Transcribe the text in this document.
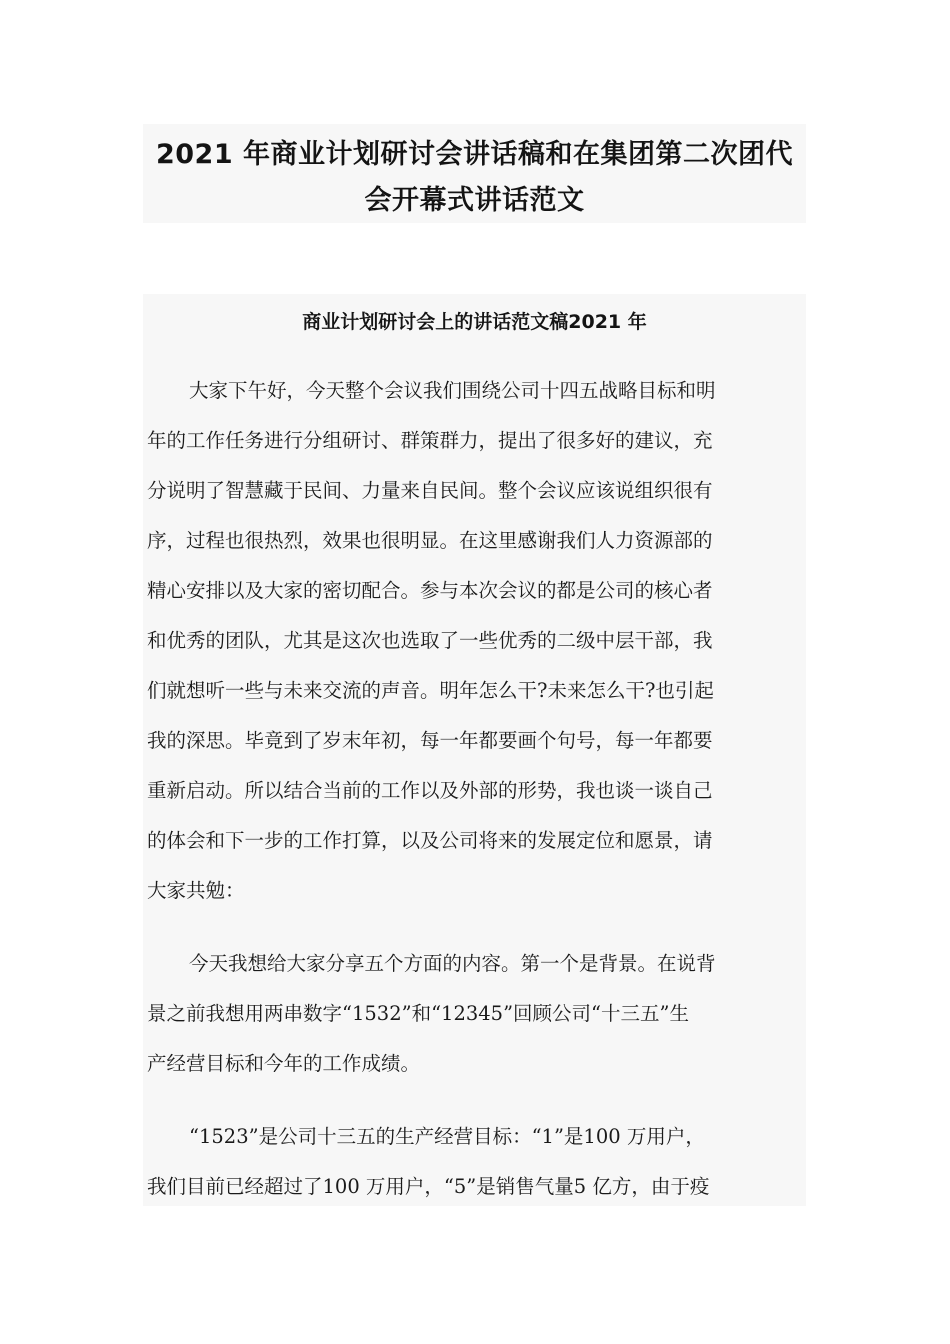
2021 年商业计划研讨会讲话稿和在集团第二次团代
会开幕式讲话范文
商业计划研讨会上的讲话范文稿2021 年
大家下午好，今天整个会议我们围绕公司十四五战略目标和明
年的工作任务进行分组研讨、群策群力，提出了很多好的建议，充
分说明了智慧藏于民间、力量来自民间。整个会议应该说组织很有
序，过程也很热烈，效果也很明显。在这里感谢我们人力资源部的
精心安排以及大家的密切配合。参与本次会议的都是公司的核心者
和优秀的团队，尤其是这次也选取了一些优秀的二级中层干部，我
们就想听一些与未来交流的声音。明年怎么干?未来怎么干?也引起
我的深思。毕竟到了岁末年初，每一年都要画个句号，每一年都要
重新启动。所以结合当前的工作以及外部的形势，我也谈一谈自己
的体会和下一步的工作打算，以及公司将来的发展定位和愿景，请
大家共勉：
今天我想给大家分享五个方面的内容。第一个是背景。在说背
景之前我想用两串数字“1532”和“12345”回顾公司“十三五”生
产经营目标和今年的工作成绩。
“1523”是公司十三五的生产经营目标：“1”是100 万用户，
我们目前已经超过了100 万用户，“5”是销售气量5 亿方，由于疫
